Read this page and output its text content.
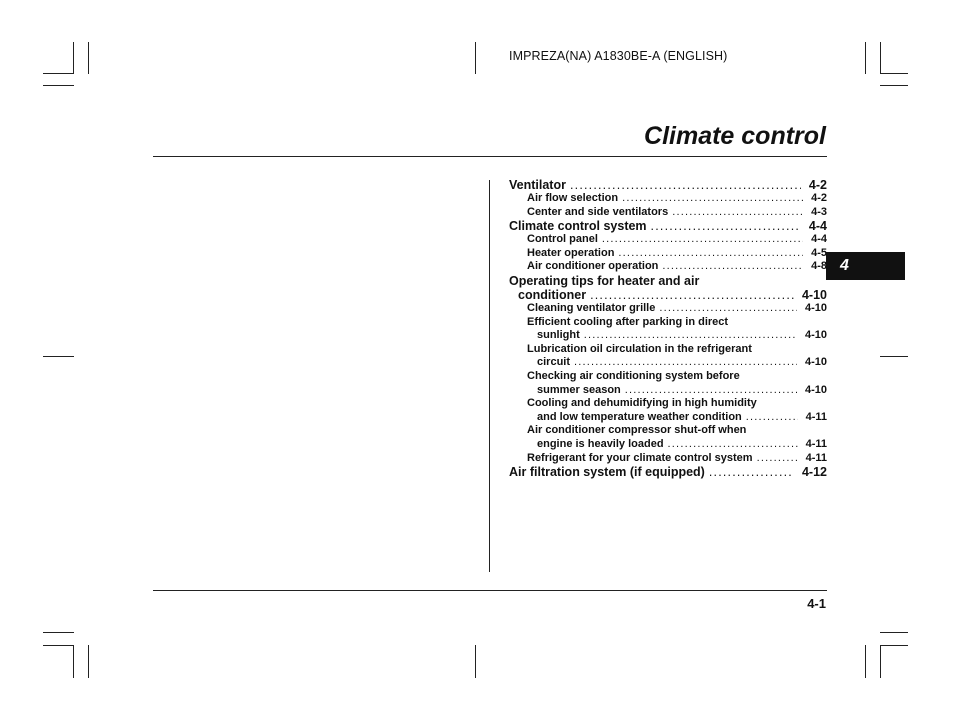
IMPREZA(NA) A1830BE-A (ENGLISH)
Climate control
4
Ventilator .....	4-2
Air flow selection .....	4-2
Center and side ventilators .....	4-3
Climate control system .....	4-4
Control panel .....	4-4
Heater operation .....	4-5
Air conditioner operation .....	4-8
Operating tips for heater and air
conditioner .....	4-10
Cleaning ventilator grille .....	4-10
Efficient cooling after parking in direct
sunlight .....	4-10
Lubrication oil circulation in the refrigerant
circuit .....	4-10
Checking air conditioning system before
summer season .....	4-10
Cooling and dehumidifying in high humidity
and low temperature weather condition .....	4-11
Air conditioner compressor shut-off when
engine is heavily loaded .....	4-11
Refrigerant for your climate control system .....	4-11
Air filtration system (if equipped) .....	4-12
4-1
